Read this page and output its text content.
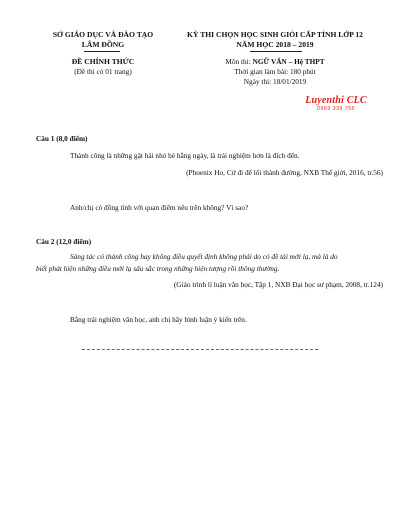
SỞ GIÁO DỤC VÀ ĐÀO TẠO
LÂM ĐỒNG
ĐỀ CHÍNH THỨC
(Đề thi có 01 trang)
KỲ THI CHỌN HỌC SINH GIỎI CẤP TỈNH LỚP 12
NĂM HỌC 2018 – 2019
Môn thi: NGỮ VĂN – Hệ THPT
Thời gian làm bài: 180 phút
Ngày thi: 18/01/2019
Luyenthi CLC
0969 339 755
Câu 1 (8,0 điểm)
Thành công là những gặt hái nhỏ bé hằng ngày, là trải nghiệm hơn là đích đến.
(Phoenix Ho, Cứ đi để lối thành đường, NXB Thế giới, 2016, tr.56)
Anh/chị có đồng tình với quan điểm nêu trên không? Vì sao?
Câu 2 (12,0 điểm)
Sáng tác có thành công hay không điều quyết định không phải do có đề tài mới lạ, mà là do
biết phát hiện những điều mới lạ sâu sắc trong những hiện tượng rồi thông thường.
(Giáo trình lí luận văn học, Tập 1, NXB Đại học sư phạm, 2008, tr.124)
Bằng trải nghiệm văn học, anh chị hãy bình luận ý kiến trên.
